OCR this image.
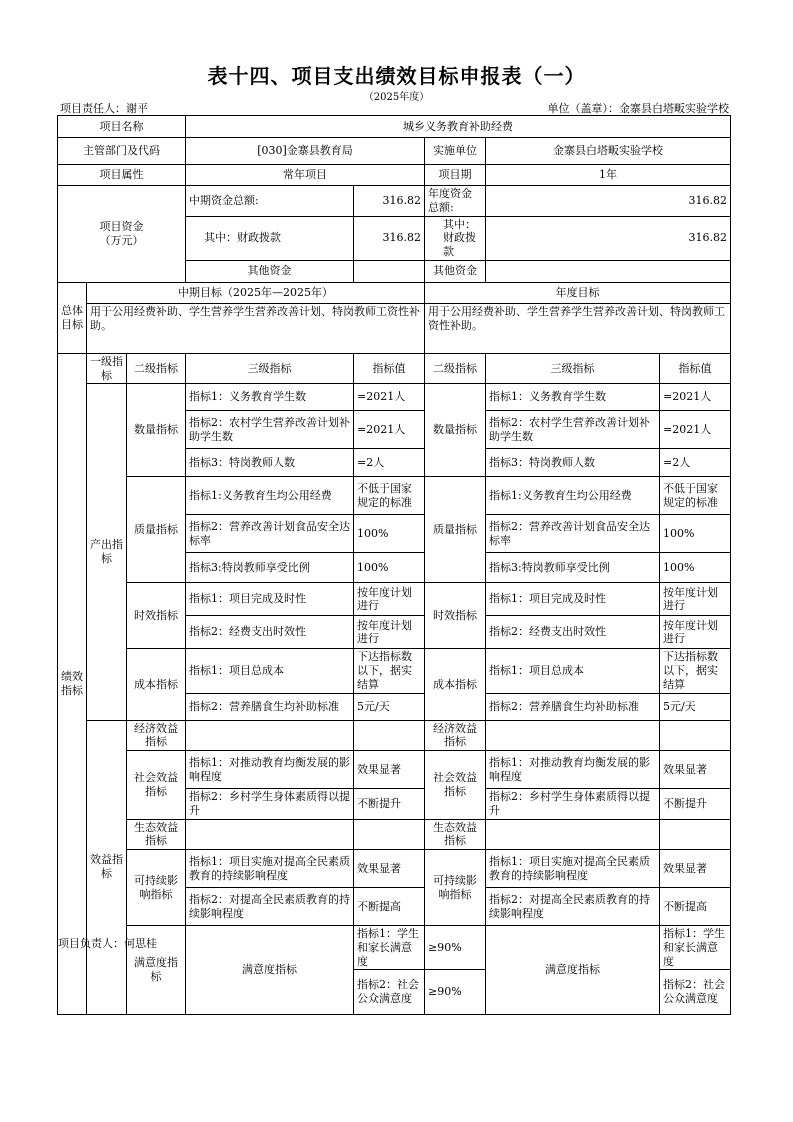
表十四、项目支出绩效目标申报表（一）
（2025年度）
项目责任人：谢平	单位（盖章）：金寨县白塔畈实验学校
项目名称			城乡义务教育补助经费					
主管部门及代码			[030]金寨县教育局		实施单位	金寨县白塔畈实验学校		
项目属性			常年项目		项目期	1年		
项目资金
（万元）			中期资金总额:	316.82	年度资金总额:	316.82		
			其中：财政拨款	316.82	其中：财政拨款	316.82		
			其他资金		其他资金			
总体目标	中期目标（2025年—2025年）				年度目标			
	用于公用经费补助、学生营养学生营养改善计划、特岗教师工资性补助。				用于公用经费补助、学生营养学生营养改善计划、特岗教师工资性补助。			
绩效指标	一级指标	二级指标	三级指标	指标值	二级指标	三级指标	指标值	
	产出指标	数量指标	指标1：义务教育学生数	=2021人	数量指标	指标1：义务教育学生数	=2021人	
			指标2：农村学生营养改善计划补助学生数	=2021人		指标2：农村学生营养改善计划补助学生数	=2021人	
			指标3：特岗教师人数	=2人		指标3：特岗教师人数	=2人	
		质量指标	指标1:义务教育生均公用经费	不低于国家规定的标准	质量指标	指标1:义务教育生均公用经费	不低于国家规定的标准	
			指标2：营养改善计划食品安全达标率	100%		指标2：营养改善计划食品安全达标率	100%	
			指标3:特岗教师享受比例	100%		指标3:特岗教师享受比例	100%	
		时效指标	指标1：项目完成及时性	按年度计划进行	时效指标	指标1：项目完成及时性	按年度计划进行	
			指标2：经费支出时效性	按年度计划进行		指标2：经费支出时效性	按年度计划进行	
		成本指标	指标1：项目总成本	下达指标数以下，据实结算	成本指标	指标1：项目总成本	下达指标数以下，据实结算	
			指标2：营养膳食生均补助标准	5元/天		指标2：营养膳食生均补助标准	5元/天	
	效益指标	经济效益指标			经济效益指标			
		社会效益指标	指标1：对推动教育均衡发展的影响程度	效果显著	社会效益指标	指标1：对推动教育均衡发展的影响程度	效果显著	
			指标2：乡村学生身体素质得以提升	不断提升		指标2：乡村学生身体素质得以提升	不断提升	
		生态效益指标			生态效益指标			
		可持续影响指标	指标1：项目实施对提高全民素质教育的持续影响程度	效果显著	可持续影响指标	指标1：项目实施对提高全民素质教育的持续影响程度	效果显著	
			指标2：对提高全民素质教育的持续影响程度	不断提高		指标2：对提高全民素质教育的持续影响程度	不断提高	
		满意度指标	满意度指标	指标1：学生和家长满意度	≥90%	满意度指标	指标1：学生和家长满意度	
				指标2：社会公众满意度	≥90%		指标2：社会公众满意度	
项目负责人：何思桂
